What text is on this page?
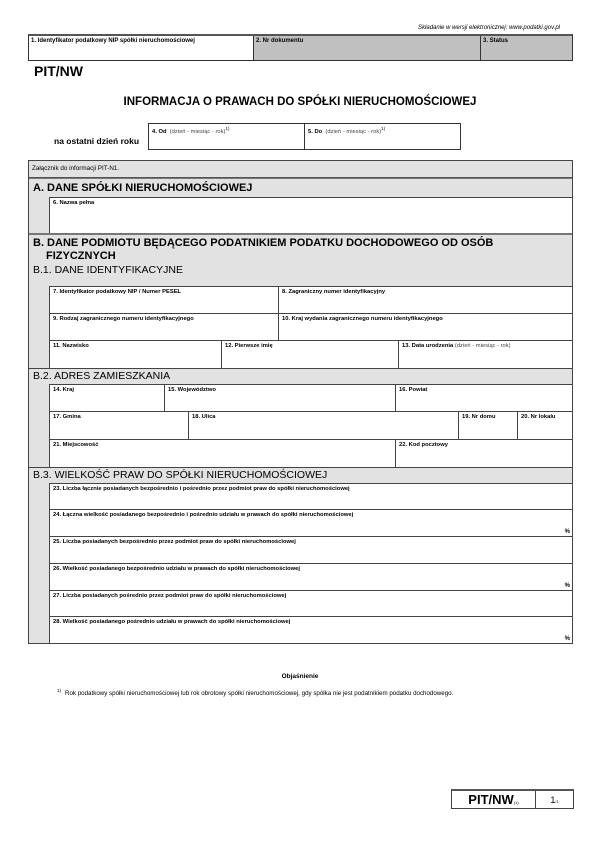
Składanie w wersji elektronicznej: www.podatki.gov.pl
1. Identyfikator podatkowy NIP spółki nieruchomościowej	2. Nr dokumentu	3. Status
PIT/NW
INFORMACJA O PRAWACH DO SPÓŁKI NIERUCHOMOŚCIOWEJ
na ostatni dzień roku
4. Od (dzień - miesiąc - rok)$^{1)}$
5. Do (dzień - miesiąc - rok)$^{1)}$
Załącznik do informacji PIT-N1.
A. DANE SPÓŁKI NIERUCHOMOŚCIOWEJ
6. Nazwa pełna
B. DANE PODMIOTU BĘDĄCEGO PODATNIKIEM PODATKU DOCHODOWEGO OD OSÓB
FIZYCZNYCH
B.1. DANE IDENTYFIKACYJNE
7. Identyfikator podatkowy NIP / Numer PESEL	8. Zagraniczny numer identyfikacyjny
9. Rodzaj zagranicznego numeru identyfikacyjnego	10. Kraj wydania zagranicznego numeru identyfikacyjnego
11. Nazwisko	12. Pierwsze imię	13. Data urodzenia (dzień - miesiąc - rok)
B.2. ADRES ZAMIESZKANIA
14. Kraj	15. Województwo	16. Powiat
17. Gmina	18. Ulica	19. Nr domu	20. Nr lokalu
21. Miejscowość	22. Kod pocztowy
B.3. WIELKOŚĆ PRAW DO SPÓŁKI NIERUCHOMOŚCIOWEJ
23. Liczba łącznie posiadanych bezpośrednio i pośrednio przez podmiot praw do spółki nieruchomościowej
24. Łączna wielkość posiadanego bezpośrednio i pośrednio udziału w prawach do spółki nieruchomościowej
%
25. Liczba posiadanych bezpośrednio przez podmiot praw do spółki nieruchomościowej
26. Wielkość posiadanego bezpośrednio udziału w prawach do spółki nieruchomościowej
%
27. Liczba posiadanych pośrednio przez podmiot praw do spółki nieruchomościowej
28. Wielkość posiadanego pośrednio udziału w prawach do spółki nieruchomościowej
%
Objaśnienie
$^{1)}$ Rok podatkowy spółki nieruchomościowej lub rok obrotowy spółki nieruchomościowej, gdy spółka nie jest podatnikiem podatku dochodowego.
PIT/NW(1)	1/1
